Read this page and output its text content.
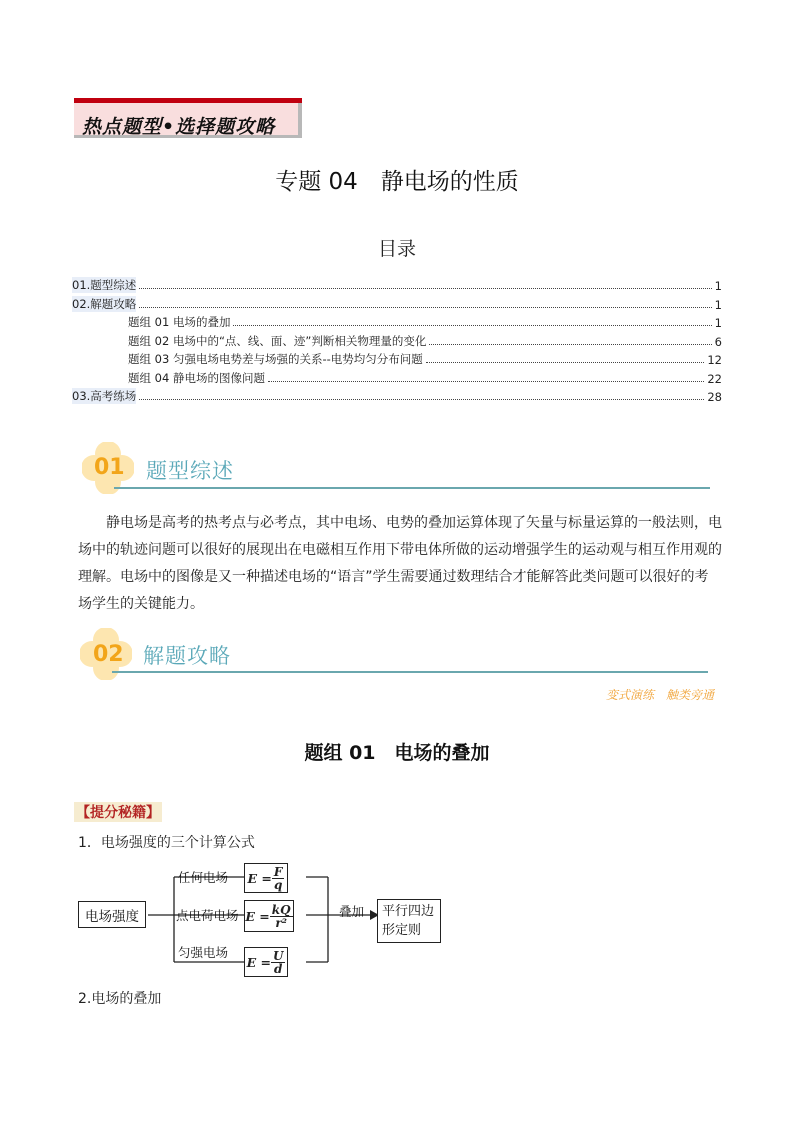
热点题型•选择题攻略
专题 04　静电场的性质
目录
01.题型综述	1
02.解题攻略	1
题组 01 电场的叠加	1
题组 02 电场中的“点、线、面、迹”判断相关物理量的变化	6
题组 03 匀强电场电势差与场强的关系--电势均匀分布问题	12
题组 04 静电场的图像问题	22
03.高考练场	28
01 题型综述
静电场是高考的热考点与必考点，其中电场、电势的叠加运算体现了矢量与标量运算的一般法则，电场中的轨迹问题可以很好的展现出在电磁相互作用下带电体所做的运动增强学生的运动观与相互作用观的理解。电场中的图像是又一种描述电场的“语言”学生需要通过数理结合才能解答此类问题可以很好的考场学生的关键能力。
02 解题攻略
变式演练　触类旁通
题组 01　电场的叠加
【提分秘籍】
1．电场强度的三个计算公式
电场强度
任何电场
点电荷电场
匀强电场
$E = \frac{F}{q}$
$E = \frac{kQ}{\text{r²}}$
$E = \frac{U}{d}$
叠加 平行四边
形定则
2.电场的叠加
